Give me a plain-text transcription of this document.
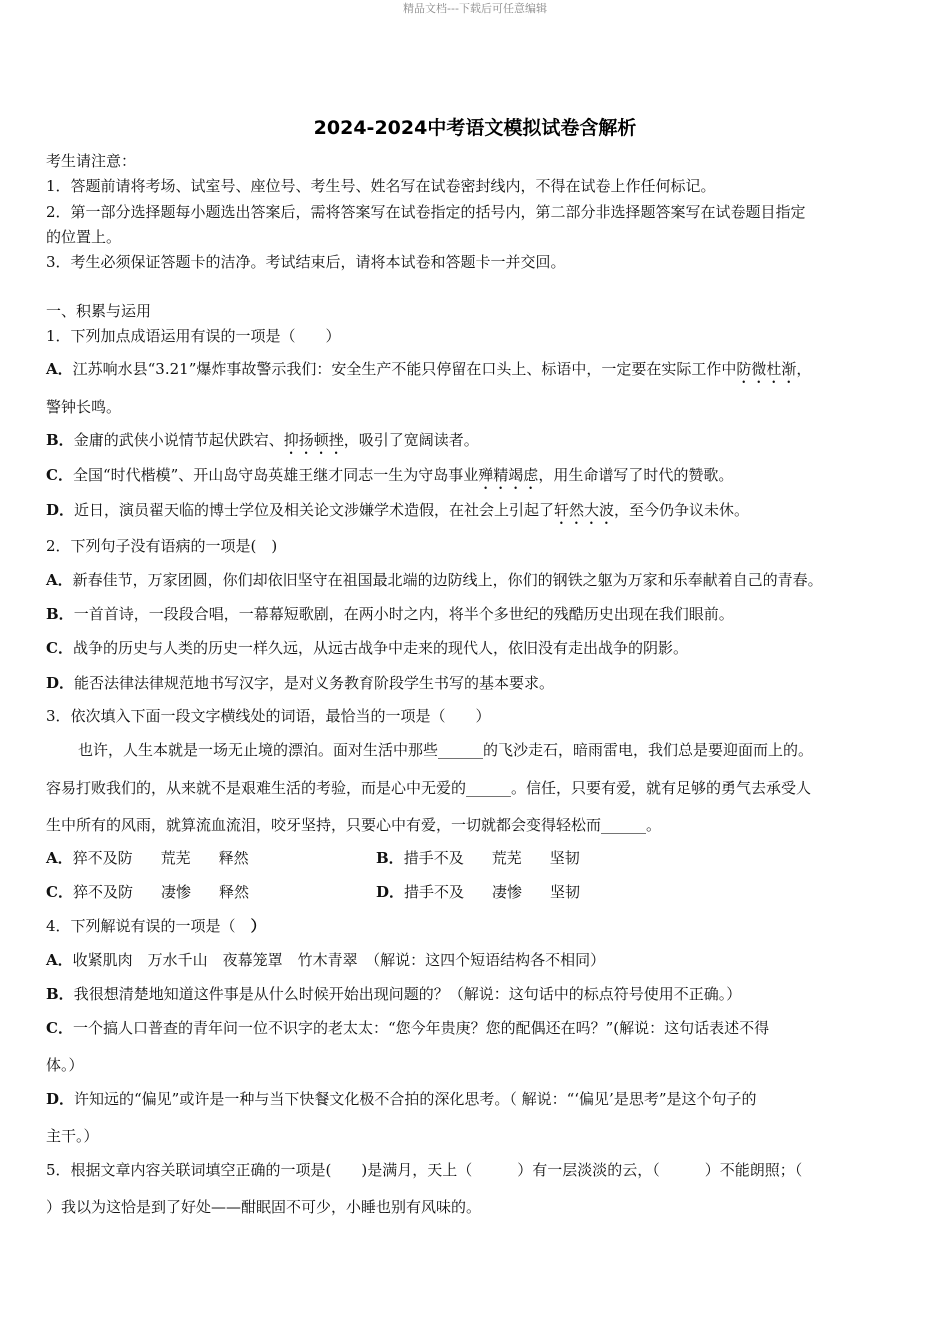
精品文档---下载后可任意编辑
2024-2024中考语文模拟试卷含解析
考生请注意：
1．答题前请将考场、试室号、座位号、考生号、姓名写在试卷密封线内，不得在试卷上作任何标记。
2．第一部分选择题每小题选出答案后，需将答案写在试卷指定的括号内，第二部分非选择题答案写在试卷题目指定
的位置上。
3．考生必须保证答题卡的洁净。考试结束后，请将本试卷和答题卡一并交回。
一、积累与运用
1．下列加点成语运用有误的一项是（　　）
A．江苏响水县“3.21”爆炸事故警示我们：安全生产不能只停留在口头上、标语中，一定要在实际工作中防微杜渐，
警钟长鸣。
B．金庸的武侠小说情节起伏跌宕、抑扬顿挫，吸引了宽阔读者。
C．全国“时代楷模”、开山岛守岛英雄王继才同志一生为守岛事业殚精竭虑，用生命谱写了时代的赞歌。
D．近日，演员翟天临的博士学位及相关论文涉嫌学术造假，在社会上引起了轩然大波，至今仍争议未休。
2．下列句子没有语病的一项是(　)
A．新春佳节，万家团圆，你们却依旧坚守在祖国最北端的边防线上，你们的钢铁之躯为万家和乐奉献着自己的青春。
B．一首首诗，一段段合唱，一幕幕短歌剧，在两小时之内，将半个多世纪的残酷历史出现在我们眼前。
C．战争的历史与人类的历史一样久远，从远古战争中走来的现代人，依旧没有走出战争的阴影。
D．能否法律法律规范地书写汉字，是对义务教育阶段学生书写的基本要求。
3．依次填入下面一段文字横线处的词语，最恰当的一项是（　　）
也许，人生本就是一场无止境的漂泊。面对生活中那些______的飞沙走石，暗雨雷电，我们总是要迎面而上的。
容易打败我们的，从来就不是艰难生活的考验，而是心中无爱的______。信任，只要有爱，就有足够的勇气去承受人
生中所有的风雨，就算流血流泪，咬牙坚持，只要心中有爱，一切就都会变得轻松而______。
A．猝不及防 荒芜 释然	B．措手不及 荒芜 坚韧
C．猝不及防 凄惨 释然	D．措手不及 凄惨 坚韧
4．下列解说有误的一项是（　 ）
A．收紧肌肉　万水千山　夜幕笼罩　竹木青翠　（解说：这四个短语结构各不相同）
B．我很想清楚地知道这件事是从什么时候开始出现问题的？（解说：这句话中的标点符号使用不正确。）
C．一个搞人口普查的青年问一位不识字的老太太：“您今年贵庚？您的配偶还在吗？”(解说：这句话表述不得
体。）
D．许知远的“偏见”或许是一种与当下快餐文化极不合拍的深化思考。（ 解说：“‘偏见’是思考”是这个句子的
主干。）
5．根据文章内容关联词填空正确的一项是(　　)是满月，天上（　　　）有一层淡淡的云，（　　　）不能朗照；（
）我以为这恰是到了好处——酣眠固不可少，小睡也别有风味的。
